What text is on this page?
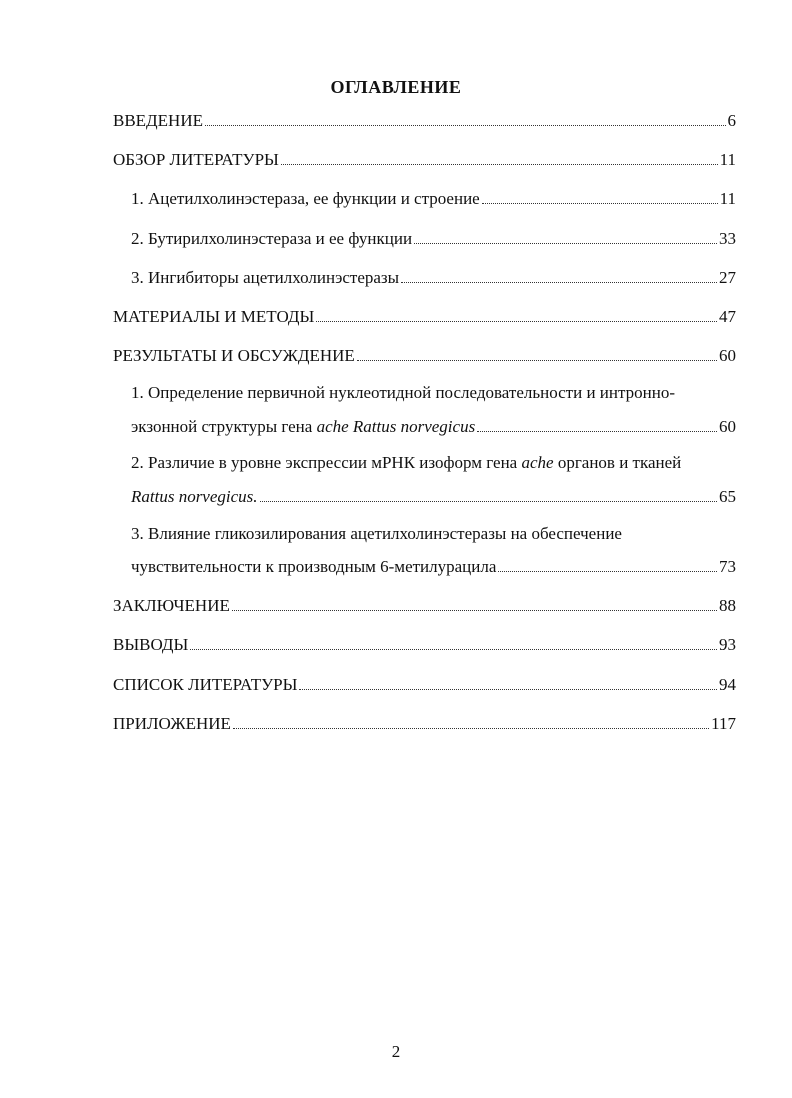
ОГЛАВЛЕНИЕ
ВВЕДЕНИЕ	6
ОБЗОР ЛИТЕРАТУРЫ	11
1. Ацетилхолинэстераза, ее функции и строение	11
2. Бутирилхолинэстераза и ее функции	33
3. Ингибиторы ацетилхолинэстеразы	27
МАТЕРИАЛЫ И МЕТОДЫ	47
РЕЗУЛЬТАТЫ И ОБСУЖДЕНИЕ	60
1. Определение первичной нуклеотидной последовательности и интронно-
экзонной структуры гена ache Rattus norvegicus	60
2. Различие в уровне экспрессии мРНК изоформ гена ache органов и тканей
Rattus norvegicus.	65
3. Влияние гликозилирования ацетилхолинэстеразы на обеспечение
чувствительности к производным 6-метилурацила	73
ЗАКЛЮЧЕНИЕ	88
ВЫВОДЫ	93
СПИСОК ЛИТЕРАТУРЫ	94
ПРИЛОЖЕНИЕ	117
2
